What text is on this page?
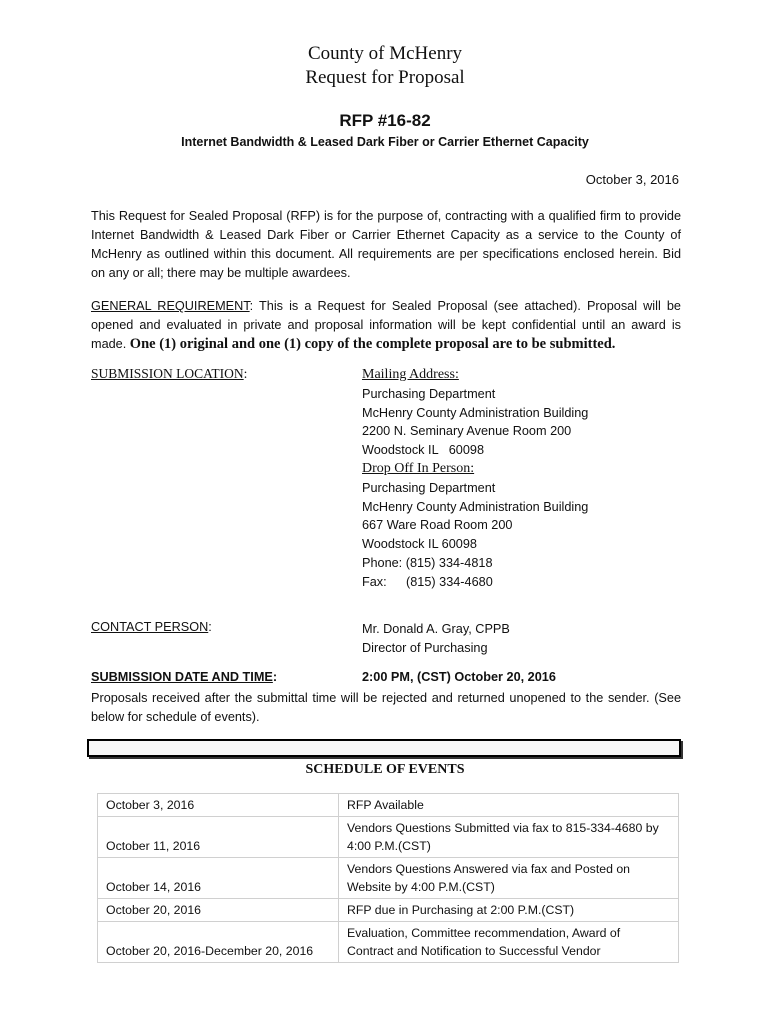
County of McHenry
Request for Proposal
RFP #16-82
Internet Bandwidth & Leased Dark Fiber or Carrier Ethernet Capacity
October 3, 2016
This Request for Sealed Proposal (RFP) is for the purpose of, contracting with a qualified firm to provide Internet Bandwidth & Leased Dark Fiber or Carrier Ethernet Capacity as a service to the County of McHenry as outlined within this document. All requirements are per specifications enclosed herein. Bid on any or all; there may be multiple awardees.
GENERAL REQUIREMENT: This is a Request for Sealed Proposal (see attached). Proposal will be opened and evaluated in private and proposal information will be kept confidential until an award is made. One (1) original and one (1) copy of the complete proposal are to be submitted.
SUBMISSION LOCATION:	Mailing Address:
Purchasing Department
McHenry County Administration Building
2200 N. Seminary Avenue Room 200
Woodstock IL   60098
Drop Off In Person:
Purchasing Department
McHenry County Administration Building
667 Ware Road Room 200
Woodstock IL 60098
Phone: (815) 334-4818
Fax: (815) 334-4680
CONTACT PERSON:	Mr. Donald A. Gray, CPPB
Director of Purchasing
SUBMISSION DATE AND TIME:	2:00 PM, (CST) October 20, 2016
Proposals received after the submittal time will be rejected and returned unopened to the sender. (See below for schedule of events).
SCHEDULE OF EVENTS
October 3, 2016	RFP Available
October 11, 2016	Vendors Questions Submitted via fax to 815-334-4680 by 4:00 P.M.(CST)
October 14, 2016	Vendors Questions Answered via fax and Posted on Website by 4:00 P.M.(CST)
October 20, 2016	RFP due in Purchasing at 2:00 P.M.(CST)
October 20, 2016-December 20, 2016	Evaluation, Committee recommendation, Award of Contract and Notification to Successful Vendor
